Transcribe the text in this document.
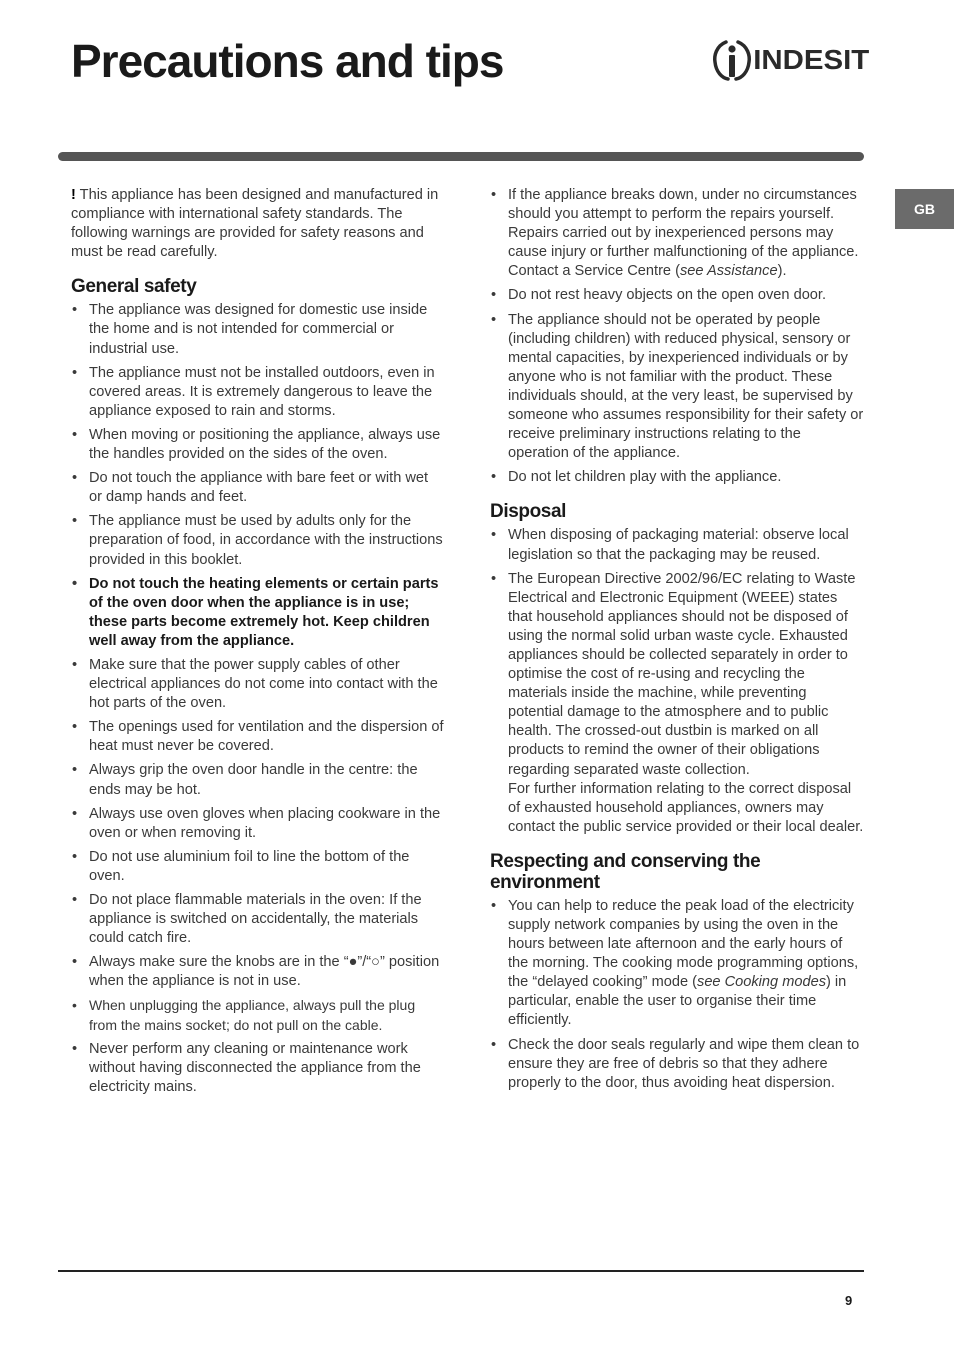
Precautions and tips	INDESIT
GB

! This appliance has been designed and manufactured in compliance with international safety standards. The following warnings are provided for safety reasons and must be read carefully.

General safety
• The appliance was designed for domestic use inside the home and is not intended for commercial or industrial use.
• The appliance must not be installed outdoors, even in covered areas. It is extremely dangerous to leave the appliance exposed to rain and storms.
• When moving or positioning the appliance, always use the handles provided on the sides of the oven.
• Do not touch the appliance with bare feet or with wet or damp hands and feet.
• The appliance must be used by adults only for the preparation of food, in accordance with the instructions provided in this booklet.
• Do not touch the heating elements or certain parts of the oven door when the appliance is in use; these parts become extremely hot. Keep children well away from the appliance.
• Make sure that the power supply cables of other electrical appliances do not come into contact with the hot parts of the oven.
• The openings used for ventilation and the dispersion of heat must never be covered.
• Always grip the oven door handle in the centre: the ends may be hot.
• Always use oven gloves when placing cookware in the oven or when removing it.
• Do not use aluminium foil to line the bottom of the oven.
• Do not place flammable materials in the oven: If the appliance is switched on accidentally, the materials could catch fire.
• Always make sure the knobs are in the “●”/“○” position when the appliance is not in use.
• When unplugging the appliance, always pull the plug from the mains socket; do not pull on the cable.
• Never perform any cleaning or maintenance work without having disconnected the appliance from the electricity mains.
• If the appliance breaks down, under no circumstances should you attempt to perform the repairs yourself. Repairs carried out by inexperienced persons may cause injury or further malfunctioning of the appliance. Contact a Service Centre (see Assistance).
• Do not rest heavy objects on the open oven door.
• The appliance should not be operated by people (including children) with reduced physical, sensory or mental capacities, by inexperienced individuals or by anyone who is not familiar with the product. These individuals should, at the very least, be supervised by someone who assumes responsibility for their safety or receive preliminary instructions relating to the operation of the appliance.
• Do not let children play with the appliance.
Disposal
• When disposing of packaging material: observe local legislation so that the packaging may be reused.
• The European Directive 2002/96/EC relating to Waste Electrical and Electronic Equipment (WEEE) states that household appliances should not be disposed of using the normal solid urban waste cycle. Exhausted appliances should be collected separately in order to optimise the cost of re-using and recycling the materials inside the machine, while preventing potential damage to the atmosphere and to public health. The crossed-out dustbin is marked on all products to remind the owner of their obligations regarding separated waste collection.
For further information relating to the correct disposal of exhausted household appliances, owners may contact the public service provided or their local dealer.
Respecting and conserving the environment
• You can help to reduce the peak load of the electricity supply network companies by using the oven in the hours between late afternoon and the early hours of the morning. The cooking mode programming options, the “delayed cooking” mode (see Cooking modes) in particular, enable the user to organise their time efficiently.
• Check the door seals regularly and wipe them clean to ensure they are free of debris so that they adhere properly to the door, thus avoiding heat dispersion.
9
